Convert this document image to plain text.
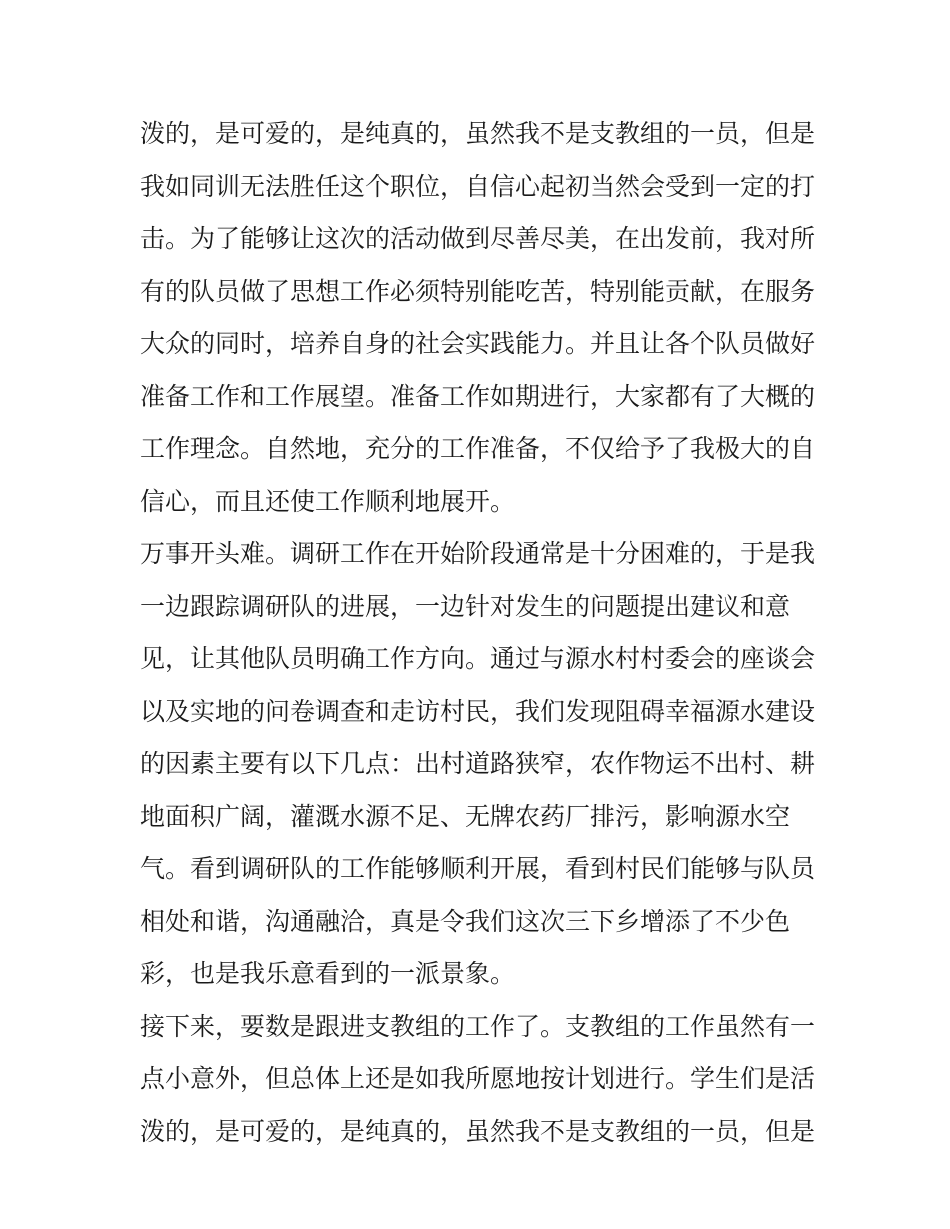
泼的，是可爱的，是纯真的，虽然我不是支教组的一员，但是
我如同训无法胜任这个职位，自信心起初当然会受到一定的打
击。为了能够让这次的活动做到尽善尽美，在出发前，我对所
有的队员做了思想工作必须特别能吃苦，特别能贡献，在服务
大众的同时，培养自身的社会实践能力。并且让各个队员做好
准备工作和工作展望。准备工作如期进行，大家都有了大概的
工作理念。自然地，充分的工作准备，不仅给予了我极大的自
信心，而且还使工作顺利地展开。
万事开头难。调研工作在开始阶段通常是十分困难的，于是我
一边跟踪调研队的进展，一边针对发生的问题提出建议和意
见，让其他队员明确工作方向。通过与源水村村委会的座谈会
以及实地的问卷调查和走访村民，我们发现阻碍幸福源水建设
的因素主要有以下几点：出村道路狭窄，农作物运不出村、耕
地面积广阔，灌溉水源不足、无牌农药厂排污，影响源水空
气。看到调研队的工作能够顺利开展，看到村民们能够与队员
相处和谐，沟通融洽，真是令我们这次三下乡增添了不少色
彩，也是我乐意看到的一派景象。
接下来，要数是跟进支教组的工作了。支教组的工作虽然有一
点小意外，但总体上还是如我所愿地按计划进行。学生们是活
泼的，是可爱的，是纯真的，虽然我不是支教组的一员，但是
